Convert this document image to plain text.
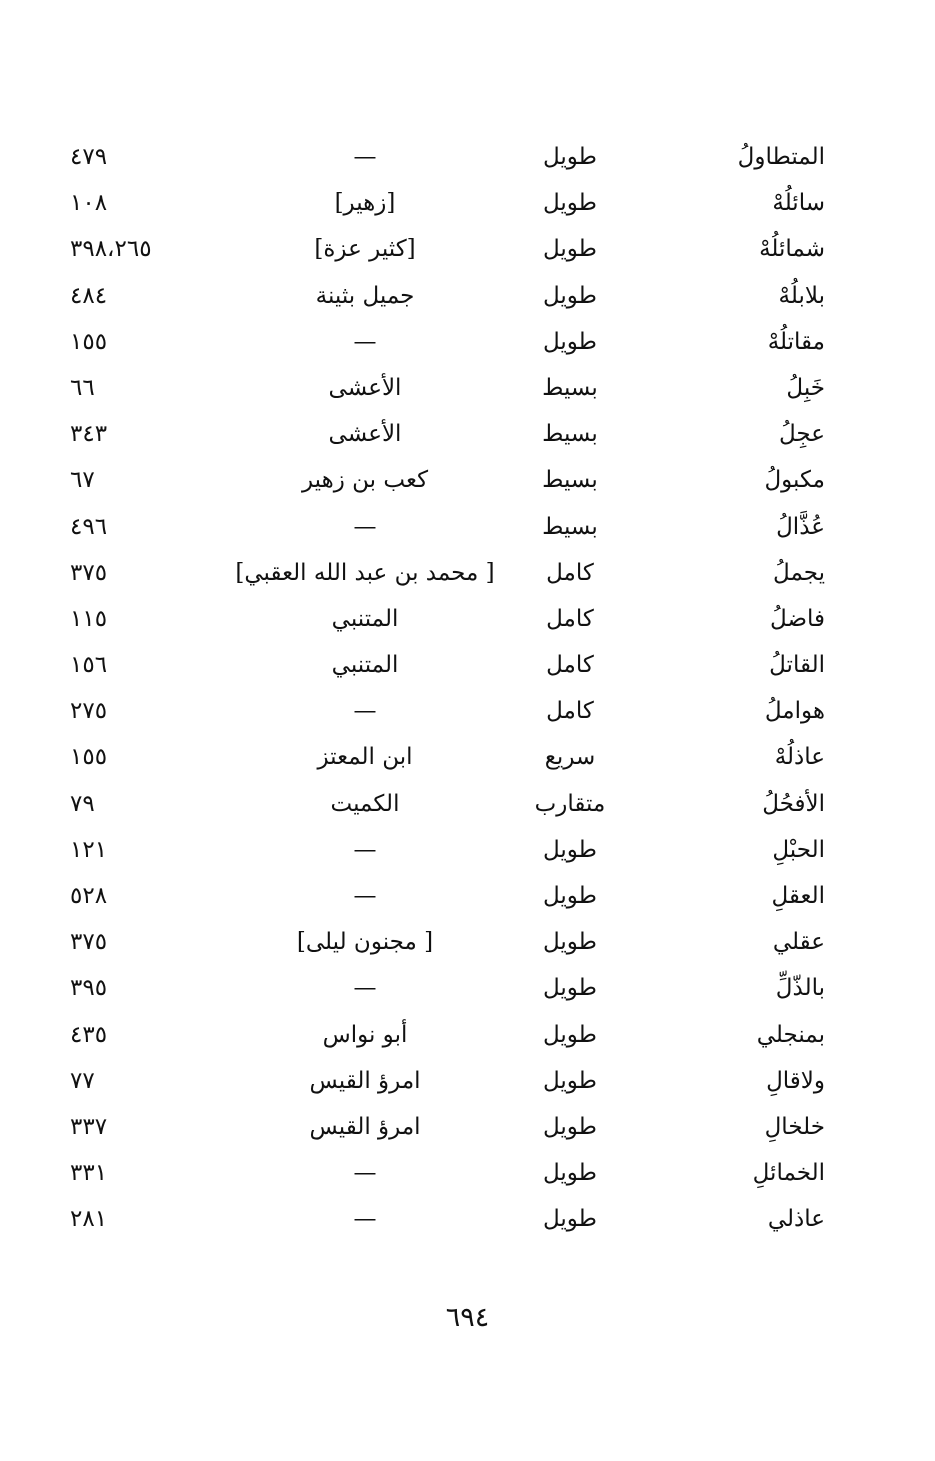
المتطاولُ
طويل
—
٤٧٩
سائلُهْ
طويل
[زهير]
١٠٨
شمائلُهْ
طويل
[كثير عزة]
٣٩٨،٢٦٥
بلابلُهْ
طويل
جميل بثينة
٤٨٤
مقاتلُهْ
طويل
—
١٥٥
خَبِلُ
بسيط
الأعشى
٦٦
عجِلُ
بسيط
الأعشى
٣٤٣
مكبولُ
بسيط
كعب بن زهير
٦٧
عُذَّالُ
بسيط
—
٤٩٦
يجملُ
كامل
[ محمد بن عبد الله العقبي]
٣٧٥
فاضلُ
كامل
المتنبي
١١٥
القاتلُ
كامل
المتنبي
١٥٦
هواملُ
كامل
—
٢٧٥
عاذلُهْ
سريع
ابن المعتز
١٥٥
الأفحُلُ
متقارب
الكميت
٧٩
الحبْلِ
طويل
—
١٢١
العقلِ
طويل
—
٥٢٨
عقلي
طويل
[ مجنون ليلى]
٣٧٥
بالذّلِّ
طويل
—
٣٩٥
بمنجلي
طويل
أبو نواس
٤٣٥
ولاقالِ
طويل
امرؤ القيس
٧٧
خلخالِ
طويل
امرؤ القيس
٣٣٧
الخمائلِ
طويل
—
٣٣١
عاذلي
طويل
—
٢٨١
٦٩٤
